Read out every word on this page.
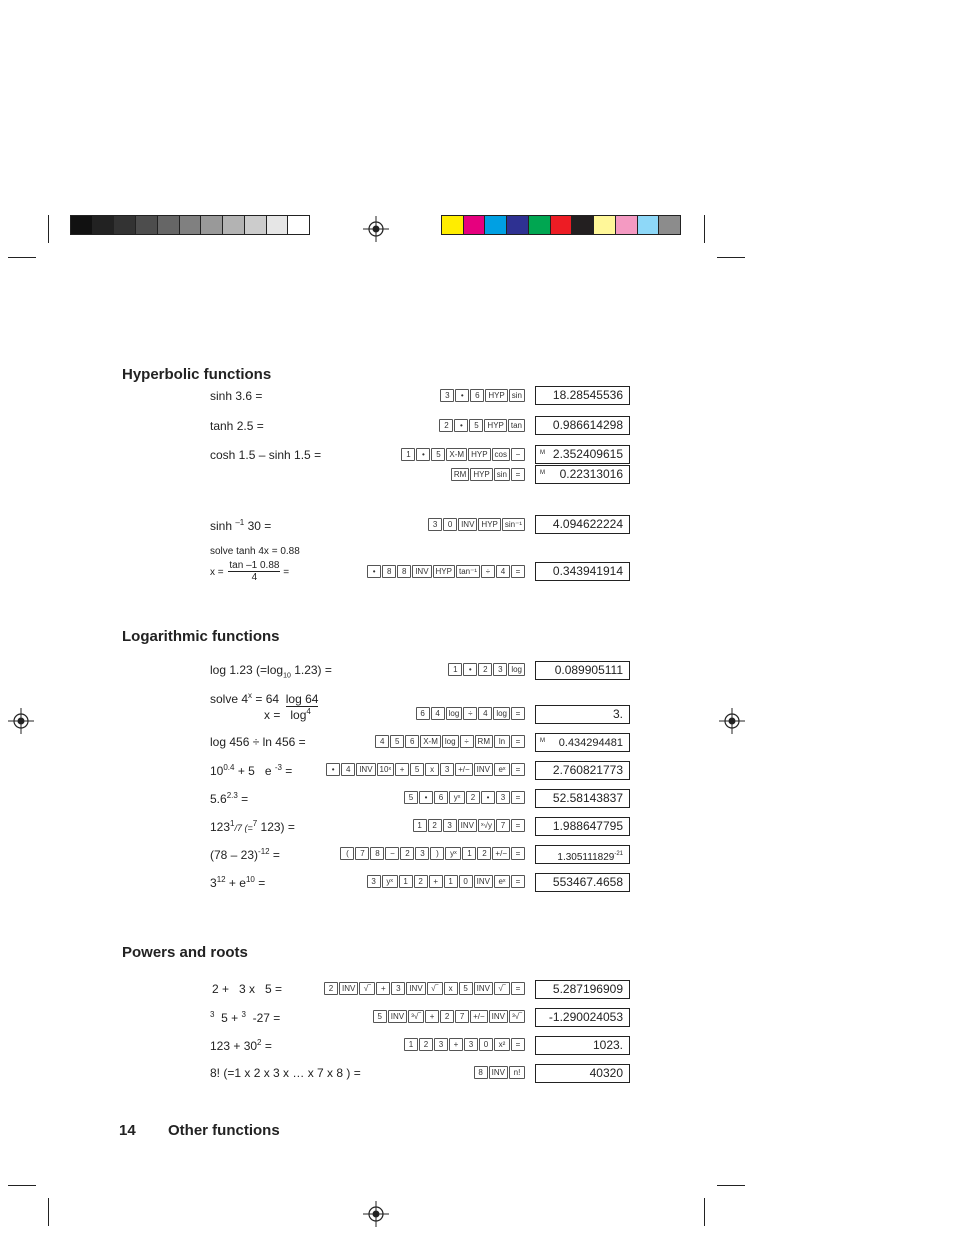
Hyperbolic functions
sinh 3.6 =	3	•	6	HYP sin	18.28545536
tanh 2.5 =	2	•	5	HYP tan	0.986614298
cosh 1.5 – sinh 1.5 =	1	•	5	X-M HYP cos	−	M 2.352409615
RM HYP sin	=	M 0.22313016
sinh $^{-1}$ 30 =	3	0	INV HYP sin⁻¹	4.094622224
solve tanh 4x = 0.88
$x = \frac{\tan -1 0.88}{4}$ =	•	8	8	INV HYP tan⁻¹	÷	4	=	0.343941914
Logarithmic functions
log 1.23 ($=\log_{10}$ 1.23) =	1	•	2	3	log	0.089905111
solve $4^x = 64$ log 64
$x = \log^4$	6	4	log	÷	4	log	=	3.
log 456 ÷ ln 456 =	4	5	6	X-M log	÷	RM	ln	=	M 0.434294481
$10^{0.4} + 5$   e $^{-3}$ =	•	4	INV 10ˣ	+	5	x	3	+/− INV	eˣ	=	2.760821773
$5.6^{2.3}$ =	5	•	6	yˣ	2	•	3	=	52.58143837
$123^1/7$ (=$^7$ 123) =	1	2	3	INV ˣ√y	7	=	1.988647795
(78 – 23)$^{-12}$ =	(	7	8	−	2	3	)	yˣ	1	2	+/−	=	$1.305111829^{-21}$
$3^{12} + e^{10}$ =	3	yˣ	1	2	+	1	0	INV	eˣ	=	553467.4658
Powers and roots
2 +   3 x   5 =	2	INV	√‾	+	3	INV	√‾	x	5	INV	√‾	=	5.287196909
$^3$  5 + $^3$  -27 =	5	INV ³√‾	+	2	7	+/− INV ³√‾	-1.290024053
$123 + 30^2$ =	1	2	3	+	3	0	x²	=	1023.
8! (=1 x 2 x 3 x … x 7 x 8 ) =	8	INV	n!	40320
14 Other functions
